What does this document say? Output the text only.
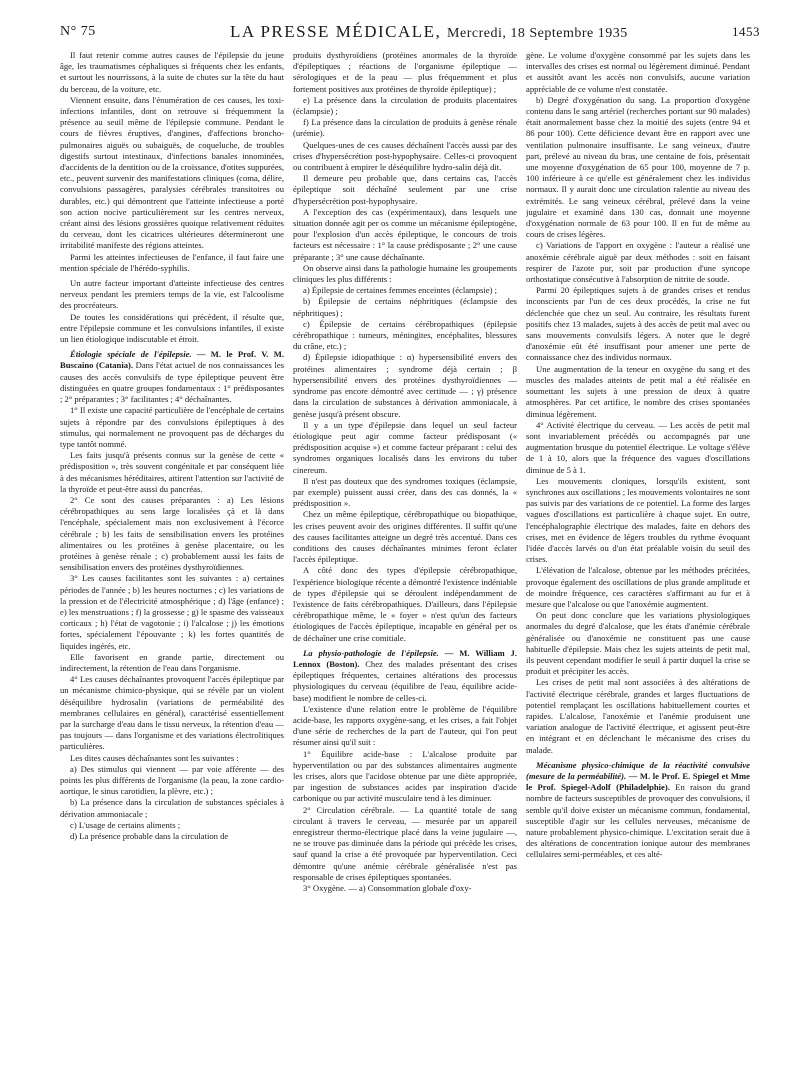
N° 75	LA PRESSE MÉDICALE, Mercredi, 18 Septembre 1935	1453

Il faut retenir comme autres causes de l'épilepsie du jeune âge, les traumatismes céphaliques si fréquents chez les enfants, et surtout les nourrissons, à la suite de chutes sur la tête du haut du berceau, de la voiture, etc.

Viennent ensuite, dans l'énumération de ces causes, les toxi-infections infantiles, dont on retrouve si fréquemment la présence au seuil même de l'épilepsie commune. Pendant le cours de fièvres éruptives, d'angines, d'affections broncho-pulmonaires aiguës ou subaiguës, de coqueluche, de troubles digestifs surtout intestinaux, d'infections banales innominées, d'accidents de la dentition ou de la croissance, d'otites suppurées, etc., peuvent survenir des manifestations cliniques (coma, délire, convulsions passagères, paralysies cérébrales transitoires ou durables, etc.) qui démontrent que l'atteinte infectieuse a porté son action nocive particulièrement sur les centres nerveux, créant ainsi des lésions grossières quoique relativement réduites du cerveau, dont les cicatrices ultérieures détermineront une irritabilité manifeste des régions atteintes.

Parmi les atteintes infectieuses de l'enfance, il faut faire une mention spéciale de l'hérédo-syphilis.

Un autre facteur important d'atteinte infectieuse des centres nerveux pendant les premiers temps de la vie, est l'alcoolisme des procréateurs.

De toutes les considérations qui précèdent, il résulte que, entre l'épilepsie commune et les convulsions infantiles, il existe un lien étiologique indiscutable et étroit.

Étiologie spéciale de l'épilepsie. — M. le Prof. V. M. Buscaino (Catania). Dans l'état actuel de nos connaissances les causes des accès convulsifs de type épileptique peuvent être distinguées en quatre groupes fondamentaux : 1° prédisposantes ; 2° préparantes ; 3° facilitantes ; 4° déchaînantes.

1° Il existe une capacité particulière de l'encéphale de certains sujets à répondre par des convulsions épileptiques à des stimulus, qui normalement ne provoquent pas de décharges du type tantôt nommé.

Les faits jusqu'à présents connus sur la genèse de cette « prédisposition », très souvent congénitale et par conséquent liée à des mécanismes héréditaires, attirent l'attention sur l'activité de la thyroïde et peut-être aussi du pancréas.

2° Ce sont des causes préparantes : a) Les lésions cérébropathiques au sens large localisées çà et là dans l'encéphale, spécialement mais non exclusivement à l'écorce cérébrale ; b) les faits de sensibilisation envers les protéines alimentaires ou les protéines à genèse placentaire, ou les protéines à genèse rénale ; c) probablement aussi les faits de sensibilisation envers des protéines dysthyroïdiennes.

3° Les causes facilitantes sont les suivantes : a) certaines périodes de l'année ; b) les heures nocturnes ; c) les variations de la pression et de l'électricité atmosphérique ; d) l'âge (enfance) ; e) les menstruations ; f) la grossesse ; g) le spasme des vaisseaux corticaux ; h) l'état de vagotonie ; i) l'alcalose ; j) les émotions fortes, spécialement l'épouvante ; k) les fortes quantités de liquides ingérés, etc.

Elle favorisent en grande partie, directement ou indirectement, la rétention de l'eau dans l'organisme.

4° Les causes déchaînantes provoquent l'accès épileptique par un mécanisme chimico-physique, qui se révèle par un violent déséquilibre hydrosalin (variations de perméabilité des membranes cellulaires en général), caractérisé essentiellement par la surcharge d'eau dans le tissu nerveux, la rétention d'eau — pas toujours — dans l'organisme et des variations électrolitiques particulières.

Les dites causes déchaînantes sont les suivantes :

a) Des stimulus qui viennent — par voie afférente — des points les plus différents de l'organisme (la peau, la zone cardio-aortique, le sinus carotidien, la plèvre, etc.) ;

b) La présence dans la circulation de substances spéciales à dérivation ammoniacale ;

c) L'usage de certains aliments ;

d) La présence probable dans la circulation de

produits dysthyroïdiens (protéines anormales de la thyroïde d'épileptiques ; réactions de l'organisme épileptique — sérologiques et de la peau — plus fréquemment et plus fortement positives aux protéines de thyroïde épileptique) ;

e) La présence dans la circulation de produits placentaires (éclampsie) ;

f) La présence dans la circulation de produits à genèse rénale (urémie).

Quelques-unes de ces causes déchaînent l'accès aussi par des crises d'hypersécrétion post-hypophysaire. Celles-ci provoquent ou contribuent à empirer le déséquilibre hydro-salin déjà dit.

Il demeure peu probable que, dans certains cas, l'accès épileptique soit déchaîné seulement par une crise d'hypersécrétion post-hypophysaire.

A l'exception des cas (expérimentaux), dans lesquels une situation donnée agit per os comme un mécanisme épileptogène, pour l'explosion d'un accès épileptique, le concours de trois facteurs est nécessaire : 1° la cause prédisposante ; 2° une cause préparante ; 3° une cause déchaînante.

On observe ainsi dans la pathologie humaine les groupements cliniques les plus différents :

a) Épilepsie de certaines femmes enceintes (éclampsie) ;

b) Épilepsie de certains néphritiques (éclampsie des néphritiques) ;

c) Épilepsie de certains cérébropathiques (épilepsie cérébropathique : tumeurs, méningites, encéphalites, blessures du crâne, etc.) ;

d) Épilepsie idiopathique : α) hypersensibilité envers des protéines alimentaires ; syndrome déjà certain ; β hypersensibilité envers des protéines dysthyroïdiennes — syndrome pas encore démontré avec certitude — ; γ) présence dans la circulation de substances à dérivation ammoniacale, à genèse jusqu'à présent obscure.

Il y a un type d'épilepsie dans lequel un seul facteur étiologique peut agir comme facteur prédisposant (« prédisposition acquise ») et comme facteur préparant : celui des syndromes organiques localisés dans les environs du tuber cinereum.

Il n'est pas douteux que des syndromes toxiques (éclampsie, par exemple) puissent aussi créer, dans des cas donnés, la « prédisposition ».

Chez un même épileptique, cérébropathique ou biopathique, les crises peuvent avoir des origines différentes. Il suffit qu'une des causes facilitantes atteigne un degré très accentué. Dans ces conditions des causes déchaînantes minimes feront éclater l'accès épileptique.

A côté donc des types d'épilepsie cérébropathique, l'expérience biologique récente a démontré l'existence indéniable de types d'épilepsie qui se déroulent indépendamment de l'existence de faits cérébropathiques. D'ailleurs, dans l'épilepsie cérébropathique même, le « foyer » n'est qu'un des facteurs étiologiques de l'accès épileptique, incapable en général per os de déchaîner une crise comitiale.

La physio-pathologie de l'épilepsie. — M. William J. Lennox (Boston). Chez des malades présentant des crises épileptiques fréquentes, certaines altérations des processus physiologiques du cerveau (équilibre de l'eau, équilibre acide-base) modifient le nombre de celles-ci.

L'existence d'une relation entre le problème de l'équilibre acide-base, les rapports oxygène-sang, et les crises, a fait l'objet d'une série de recherches de la part de l'auteur, qui l'on peut résumer ainsi qu'il suit :

1° Équilibre acide-base : L'alcalose produite par hyperventilation ou par des substances alimentaires augmente les crises, alors que l'acidose obtenue par une diète appropriée, par ingestion de substances acides par inspiration d'acide carbonique ou par activité musculaire tend à les diminuer.

2° Circulation cérébrale. — La quantité totale de sang circulant à travers le cerveau, — mesurée par un appareil enregistreur thermo-électrique placé dans la veine jugulaire —, ne se trouve pas diminuée dans la période qui précède les crises, sauf quand la crise a été provoquée par hyperventilation. Ceci démontre qu'une anémie cérébrale généralisée n'est pas responsable de crises épileptiques spontanées.

3° Oxygène. — a) Consommation globale d'oxy-

gène. Le volume d'oxygène consommé par les sujets dans les intervalles des crises est normal ou légèrement diminué. Pendant et aussitôt avant les accès non convulsifs, aucune variation appréciable de ce volume n'est constatée.

b) Degré d'oxygénation du sang. La proportion d'oxygène contenu dans le sang artériel (recherches portant sur 90 malades) était anormalement basse chez la moitié des sujets (entre 94 et 86 pour 100). Cette déficience devant être en rapport avec une ventilation pulmonaire insuffisante. Le sang veineux, d'autre part, prélevé au niveau du bras, une centaine de fois, présentait une moyenne d'oxygénation de 65 pour 100, moyenne de 7 p. 100 inférieure à ce qu'elle est généralement chez les individus normaux. Il y aurait donc une circulation ralentie au niveau des extrémités. Le sang veineux cérébral, prélevé dans la veine jugulaire et examiné dans 130 cas, donnait une moyenne d'oxygénation normale de 63 pour 100. Il en fut de même au cours de crises légères.

c) Variations de l'apport en oxygène : l'auteur a réalisé une anoxémie cérébrale aiguë par deux méthodes : soit en faisant respirer de l'azote pur, soit par production d'une syncope orthostatique consécutive à l'absorption de nitrite de soude.

Parmi 20 épileptiques sujets à de grandes crises et rendus inconscients par l'un de ces deux procédés, la crise ne fut déclenchée que chez un seul. Au contraire, les résultats furent positifs chez 13 malades, sujets à des accès de petit mal avec ou sans mouvements convulsifs légers. A noter que le degré d'anoxémie eût été insuffisant pour amener une perte de connaissance chez des individus normaux.

Une augmentation de la teneur en oxygène du sang et des muscles des malades atteints de petit mal a été réalisée en soumettant les sujets à une pression de deux à quatre atmosphères. Par cet artifice, le nombre des crises spontanées diminua légèrement.

4° Activité électrique du cerveau. — Les accès de petit mal sont invariablement précédés ou accompagnés par une augmentation brusque du potentiel électrique. Le voltage s'élève de 1 à 10, alors que la fréquence des vagues d'oscillations diminue de 5 à 1.

Les mouvements cloniques, lorsqu'ils existent, sont synchrones aux oscillations ; les mouvements volontaires ne sont pas suivis par des variations de ce potentiel. La forme des larges vagues d'oscillations est particulière à chaque sujet. En outre, l'encéphalographie électrique des malades, faite en dehors des crises, met en évidence de légers troubles du rythme évoquant l'idée d'accès larvés ou d'un état préalable voisin du seuil des crises.

L'élévation de l'alcalose, obtenue par les méthodes précitées, provoque également des oscillations de plus grande amplitude et de moindre fréquence, ces caractères s'affirmant au fur et à mesure que l'alcalose ou que l'anoxémie augmentent.

On peut donc conclure que les variations physiologiques anormales du degré d'alcalose, que les états d'anémie cérébrale généralisée ou d'anoxémie ne constituent pas une cause habituelle d'épilepsie. Mais chez les sujets atteints de petit mal, ils peuvent cependant modifier le seuil à partir duquel la crise se produit et précipiter les accès.

Les crises de petit mal sont associées à des altérations de l'activité électrique cérébrale, grandes et larges fluctuations de potentiel remplaçant les oscillations habituellement courtes et rapides. L'alcalose, l'anoxémie et l'anémie produisent une variation analogue de l'activité électrique, et agissent peut-être en intégrant et en déclenchant le mécanisme des crises du malade.

Mécanisme physico-chimique de la réactivité convulsive (mesure de la perméabilité). — M. le Prof. E. Spiegel et Mme le Prof. Spiegel-Adolf (Philadelphie). En raison du grand nombre de facteurs susceptibles de provoquer des convulsions, il semble qu'il doive exister un mécanisme commun, fondamental, susceptible d'agir sur les cellules nerveuses, mécanisme de nature probablement physico-chimique. L'excitation serait due à des altérations de concentration ionique autour des membranes cellulaires semi-perméables, et ces alté-
